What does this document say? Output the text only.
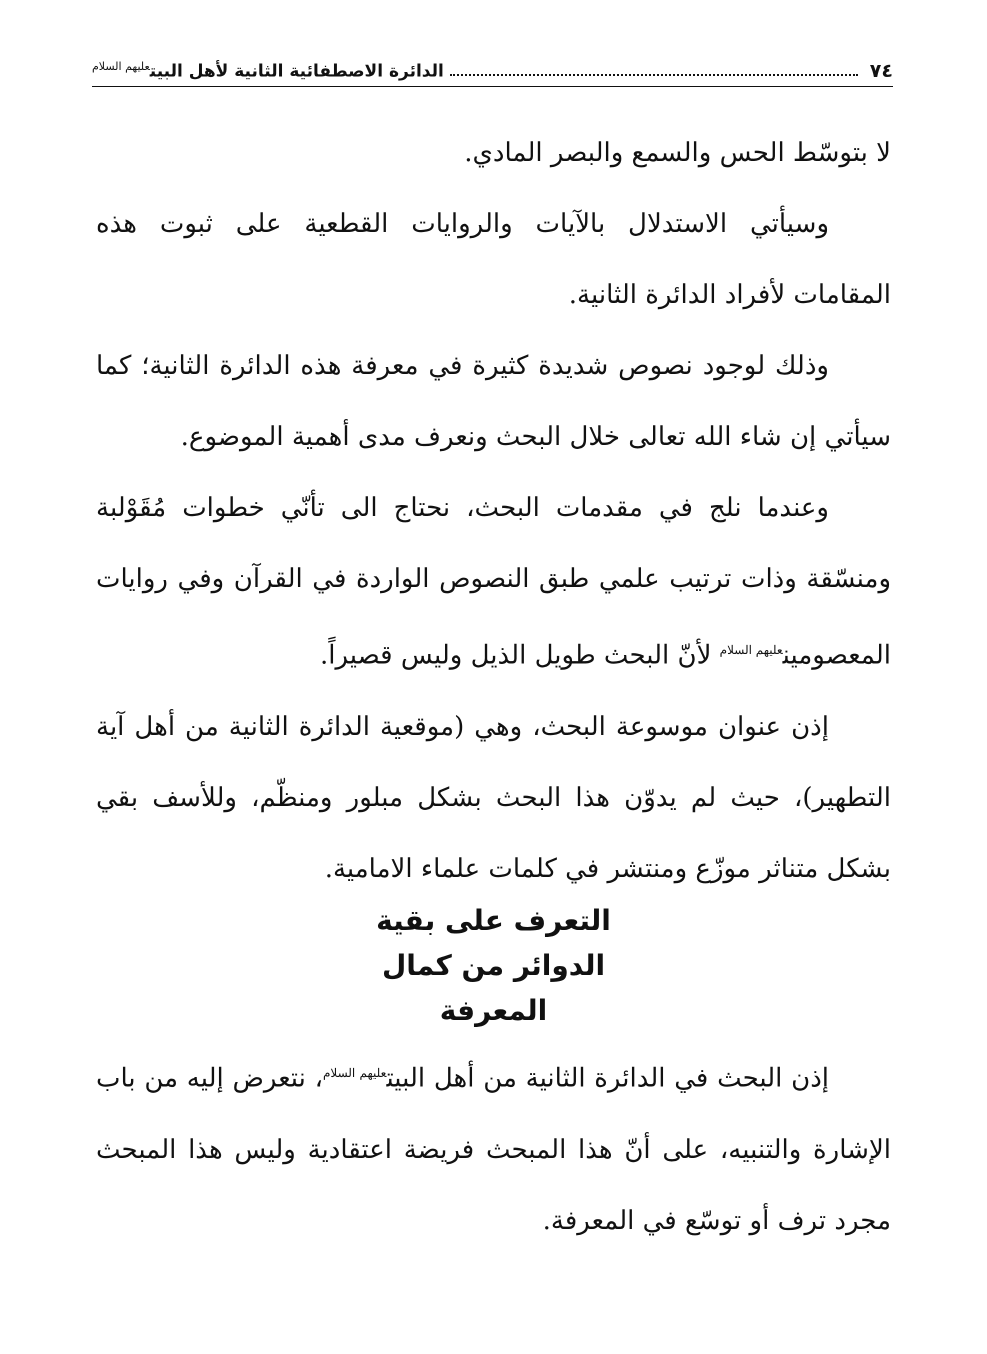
٧٤
الدائرة الاصطفائية الثانية لأهل البيت$^{عليهم السلام}$

لا بتوسّط الحس والسمع والبصر المادي.

وسيأتي الاستدلال بالآيات والروايات القطعية على ثبوت هذه المقامات لأفراد الدائرة الثانية.

وذلك لوجود نصوص شديدة كثيرة في معرفة هذه الدائرة الثانية؛ كما سيأتي إن شاء الله تعالى خلال البحث ونعرف مدى أهمية الموضوع.

وعندما نلج في مقدمات البحث، نحتاج الى تأنّي خطوات مُقَوْلبة ومنسّقة وذات ترتيب علمي طبق النصوص الواردة في القرآن وفي روايات المعصومين$^{عليهم السلام}$ لأنّ البحث طويل الذيل وليس قصيراً.

إذن عنوان موسوعة البحث، وهي (موقعية الدائرة الثانية من أهل آية التطهير)، حيث لم يدوّن هذا البحث بشكل مبلور ومنظّم، وللأسف بقي بشكل متناثر موزّع ومنتشر في كلمات علماء الامامية.

التعرف على بقية
الدوائر من كمال
المعرفة

إذن البحث في الدائرة الثانية من أهل البيت$^{عليهم السلام}$، نتعرض إليه من باب الإشارة والتنبيه، على أنّ هذا المبحث فريضة اعتقادية وليس هذا المبحث مجرد ترف أو توسّع في المعرفة.
